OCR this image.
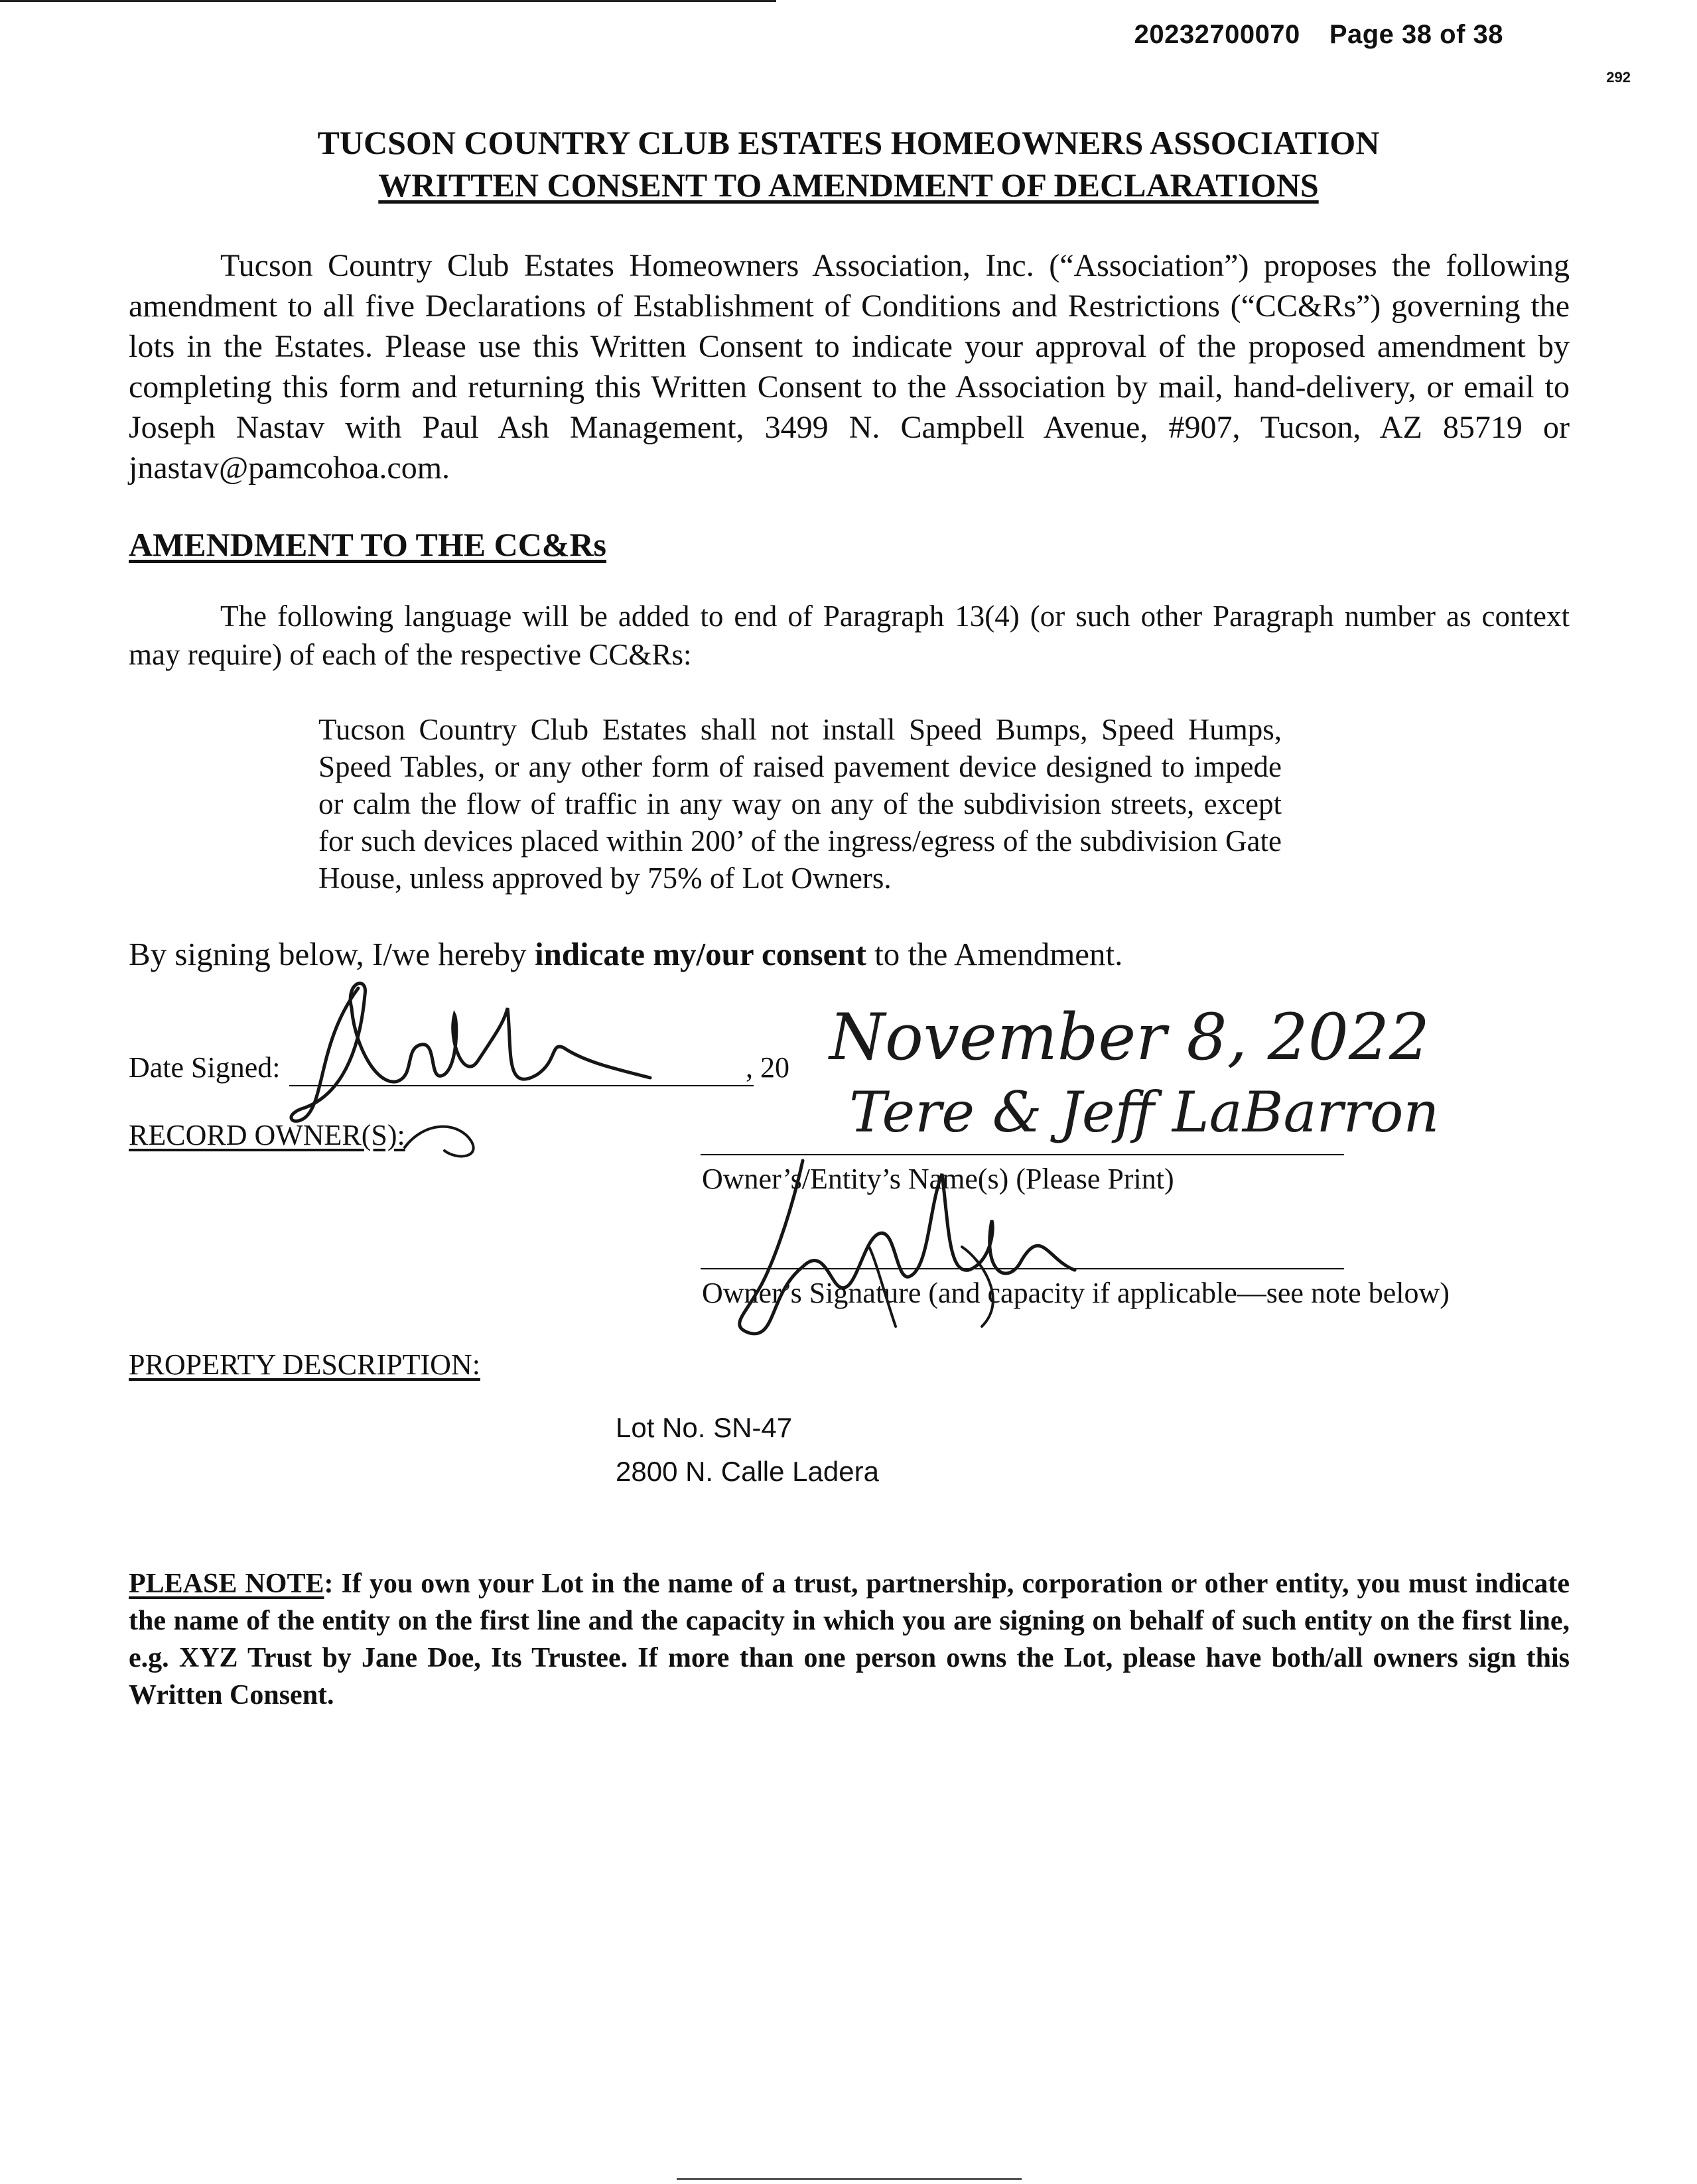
20232700070 Page 38 of 38
292
TUCSON COUNTRY CLUB ESTATES HOMEOWNERS ASSOCIATION
WRITTEN CONSENT TO AMENDMENT OF DECLARATIONS
Tucson Country Club Estates Homeowners Association, Inc. (“Association”) proposes the following amendment to all five Declarations of Establishment of Conditions and Restrictions (“CC&Rs”) governing the lots in the Estates. Please use this Written Consent to indicate your approval of the proposed amendment by completing this form and returning this Written Consent to the Association by mail, hand-delivery, or email to Joseph Nastav with Paul Ash Management, 3499 N. Campbell Avenue, #907, Tucson, AZ 85719 or jnastav@pamcohoa.com.
AMENDMENT TO THE CC&Rs
The following language will be added to end of Paragraph 13(4) (or such other Paragraph number as context may require) of each of the respective CC&Rs:
Tucson Country Club Estates shall not install Speed Bumps, Speed Humps, Speed Tables, or any other form of raised pavement device designed to impede or calm the flow of traffic in any way on any of the subdivision streets, except for such devices placed within 200’ of the ingress/egress of the subdivision Gate House, unless approved by 75% of Lot Owners.
By signing below, I/we hereby indicate my/our consent to the Amendment.
Date Signed:	, 20 November 8, 2022
RECORD OWNER(S):	Tere & Jeff LaBarron
Owner’s/Entity’s Name(s) (Please Print)
Owner’s Signature (and capacity if applicable—see note below)
PROPERTY DESCRIPTION:
Lot No. SN-47
2800 N. Calle Ladera
PLEASE NOTE: If you own your Lot in the name of a trust, partnership, corporation or other entity, you must indicate the name of the entity on the first line and the capacity in which you are signing on behalf of such entity on the first line, e.g. XYZ Trust by Jane Doe, Its Trustee. If more than one person owns the Lot, please have both/all owners sign this Written Consent.
